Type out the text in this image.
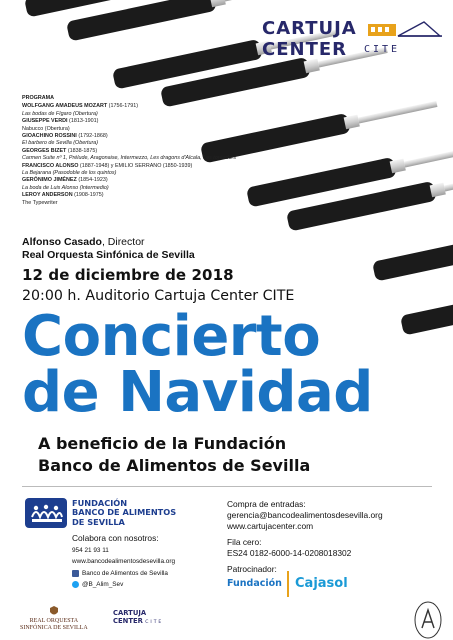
CARTUJA
CENTER CITE
PROGRAMA
WOLFGANG AMADEUS MOZART (1756-1791)
Las bodas de Fígaro (Obertura)
GIUSEPPE VERDI (1813-1901)
Nabucco (Obertura)
GIOACHINO ROSSINI (1792-1868)
El barbero de Sevilla (Obertura)
GEORGES BIZET (1838-1875)
Carmen Suite nº 1, Prélude, Aragonaise, Intermezzo, Les dragons d'Alcala, Les toréadors
FRANCISCO ALONSO (1887-1948) y EMILIO SERRANO (1850-1939)
La Bejarana (Pasodoble de los quintos)
GERÓNIMO JIMÉNEZ (1854-1923)
La boda de Luis Alonso (Intermedio)
LEROY ANDERSON (1908-1975)
The Typewriter
Alfonso Casado, Director
Real Orquesta Sinfónica de Sevilla
12 de diciembre de 2018
20:00 h. Auditorio Cartuja Center CITE
Concierto
de Navidad
A beneficio de la Fundación
Banco de Alimentos de Sevilla
FUNDACIÓN
BANCO DE ALIMENTOS
DE SEVILLA
Colabora con nosotros:
954 21 93 11
www.bancodealimentosdesevilla.org
Banco de Alimentos de Sevilla
@B_Alim_Sev
Compra de entradas:
gerencia@bancodealimentosdesevilla.org
www.cartujacenter.com
Fila cero:
ES24 0182-6000-14-0208018302
Patrocinador:
Fundación Cajasol
REAL ORQUESTA
SINFÓNICA DE SEVILLA
CARTUJA
CENTER CITE
